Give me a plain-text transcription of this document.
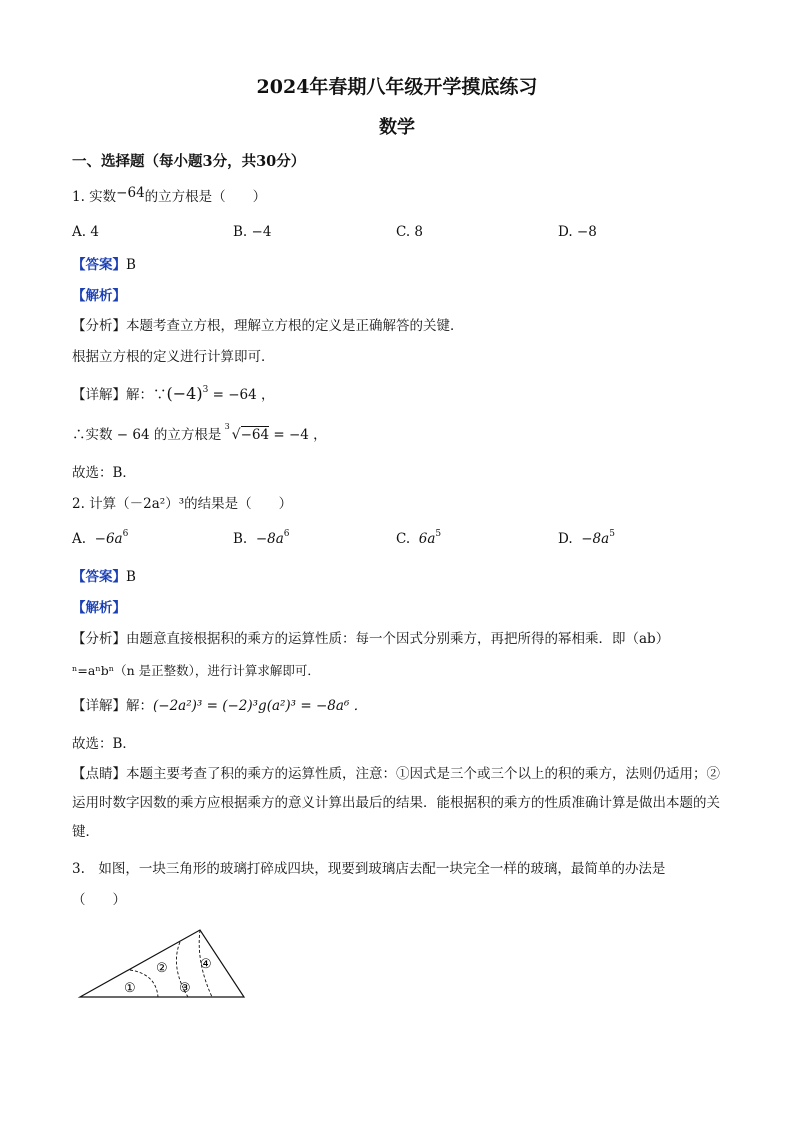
2024年春期八年级开学摸底练习
数学
一、选择题（每小题3分，共30分）
1. 实数−64的立方根是（　　）
A. 4	B. −4	C. 8	D. −8
【答案】B
【解析】
【分析】本题考查立方根，理解立方根的定义是正确解答的关键．
根据立方根的定义进行计算即可．
【详解】解：$\because(-4)^3 = -64$ ，
∴实数 − 64 的立方根是
3
√−64 = −4 ，
故选：B．
2. 计算（－2a²）³的结果是（　　）
A. $-6a^6$	B. $-8a^6$	C. $6a^5$	D. $-8a^5$
【答案】B
【解析】
【分析】由题意直接根据积的乘方的运算性质：每一个因式分别乘方，再把所得的幂相乘．即（ab）
ⁿ=aⁿbⁿ（n 是正整数），进行计算求解即可．
【详解】解：(−2a²)³ = (−2)³g(a²)³ = −8a⁶ ．
故选：B．
【点睛】本题主要考查了积的乘方的运算性质，注意：①因式是三个或三个以上的积的乘方，法则仍适用；②运用时数字因数的乘方应根据乘方的意义计算出最后的结果．能根据积的乘方的性质准确计算是做出本题的关键．
3.　如图，一块三角形的玻璃打碎成四块，现要到玻璃店去配一块完全一样的玻璃，最简单的办法是
（　　）
①
②
③
④
